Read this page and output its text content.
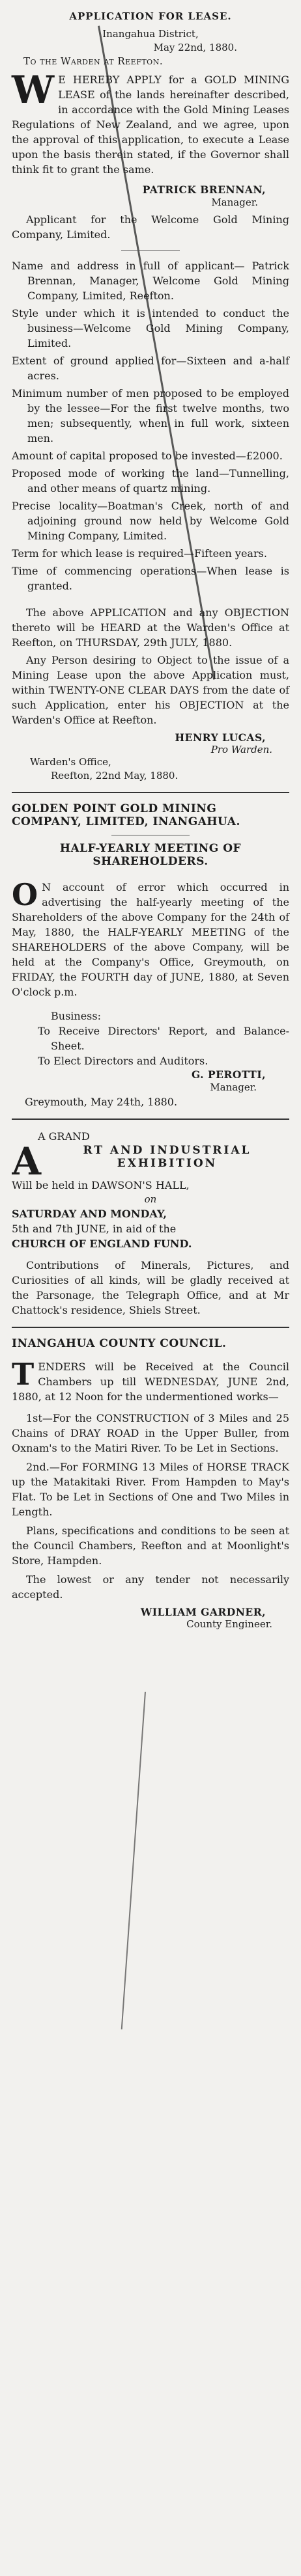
APPLICATION FOR LEASE.
Inangahua District,
May 22nd, 1880.
To the Warden at Reefton.

W E HEREBY APPLY for a GOLD MINING LEASE of the lands hereinafter described, in accordance with the Gold Mining Leases Regulations of New Zealand, and we agree, upon the approval of this application, to execute a Lease upon the basis therein stated, if the Governor shall think fit to grant the same.

PATRICK BRENNAN,
Manager.

Applicant for the Welcome Gold Mining Company, Limited.

Name and address in full of applicant— Patrick Brennan, Manager, Welcome Gold Mining Company, Limited, Reefton.

Style under which it is intended to conduct the business—Welcome Gold Mining Company, Limited.

Extent of ground applied for—Sixteen and a-half acres.

Minimum number of men proposed to be employed by the lessee—For the first twelve months, two men; subsequently, when in full work, sixteen men.

Amount of capital proposed to be invested—£2000.

Proposed mode of working the land—Tunnelling, and other means of quartz mining.

Precise locality—Boatman's Creek, north of and adjoining ground now held by Welcome Gold Mining Company, Limited.

Term for which lease is required—Fifteen years.

Time of commencing operations—When lease is granted.

The above APPLICATION and any OBJECTION thereto will be HEARD at the Warden's Office at Reefton, on THURSDAY, 29th JULY, 1880.

Any Person desiring to Object to the issue of a Mining Lease upon the above Application must, within TWENTY-ONE CLEAR DAYS from the date of such Application, enter his OBJECTION at the Warden's Office at Reefton.

HENRY LUCAS,
Pro Warden.
Warden's Office,
Reefton, 22nd May, 1880.
GOLDEN POINT GOLD MINING COMPANY, LIMITED, INANGAHUA.
HALF-YEARLY MEETING OF SHAREHOLDERS.

O N account of error which occurred in advertising the half-yearly meeting of the Shareholders of the above Company for the 24th of May, 1880, the HALF-YEARLY MEETING of the SHAREHOLDERS of the above Company, will be held at the Company's Office, Greymouth, on FRIDAY, the FOURTH day of JUNE, 1880, at Seven O'clock p.m.

Business:
To Receive Directors' Report, and Balance-Sheet.
To Elect Directors and Auditors.
G. PEROTTI,
Manager.
Greymouth, May 24th, 1880.
A GRAND
A	RT AND INDUSTRIAL
EXHIBITION
Will be held in DAWSON'S HALL,
on
SATURDAY AND MONDAY,
5th and 7th JUNE, in aid of the
CHURCH OF ENGLAND FUND.

Contributions of Minerals, Pictures, and Curiosities of all kinds, will be gladly received at the Parsonage, the Telegraph Office, and at Mr Chattock's residence, Shiels Street.

INANGAHUA COUNTY COUNCIL.

T ENDERS will be Received at the Council Chambers up till WEDNESDAY, JUNE 2nd, 1880, at 12 Noon for the undermentioned works—

1st—For the CONSTRUCTION of 3 Miles and 25 Chains of DRAY ROAD in the Upper Buller, from Oxnam's to the Matiri River. To be Let in Sections.

2nd.—For FORMING 13 Miles of HORSE TRACK up the Matakitaki River. From Hampden to May's Flat. To be Let in Sections of One and Two Miles in Length.

Plans, specifications and conditions to be seen at the Council Chambers, Reefton and at Moonlight's Store, Hampden.

The lowest or any tender not necessarily accepted.

WILLIAM GARDNER,
County Engineer.
